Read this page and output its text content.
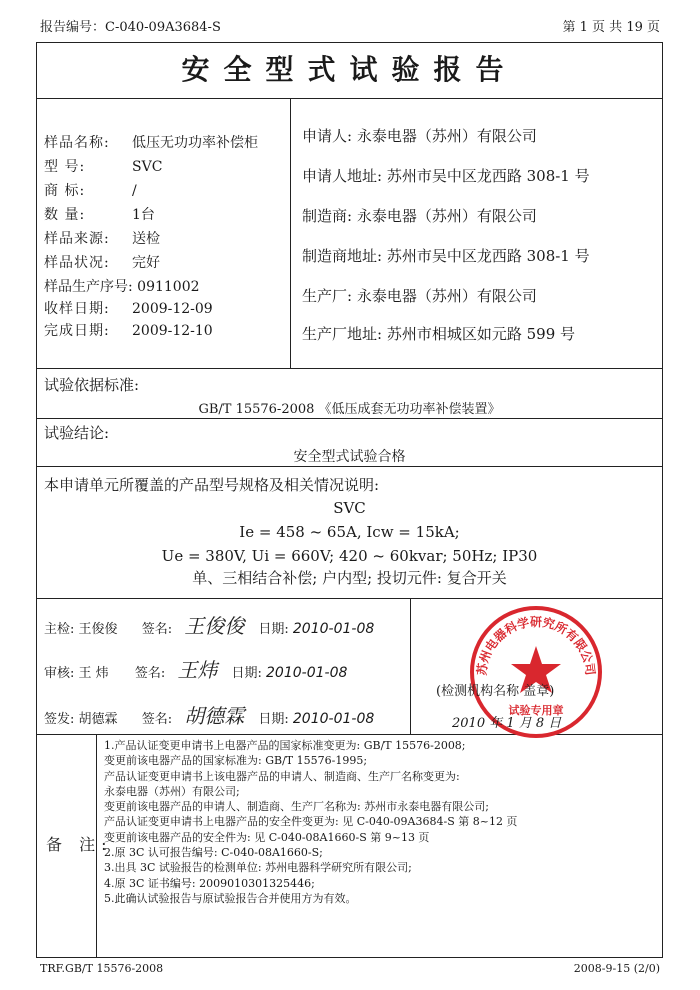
报告编号：C-040-09A3684-S	第 1 页 共 19 页
安全型式试验报告
样品名称: 低压无功功率补偿柜
型 号:	SVC
商 标:	/
数 量:	1台
样品来源: 送检
样品状况: 完好
样品生产序号: 0911002
收样日期: 2009-12-09
完成日期: 2009-12-10
申请人: 永泰电器（苏州）有限公司
申请人地址: 苏州市吴中区龙西路 308-1 号
制造商: 永泰电器（苏州）有限公司
制造商地址: 苏州市吴中区龙西路 308-1 号
生产厂: 永泰电器（苏州）有限公司
生产厂地址: 苏州市相城区如元路 599 号
试验依据标准:
GB/T 15576-2008 《低压成套无功功率补偿装置》
试验结论:
安全型式试验合格
本申请单元所覆盖的产品型号规格及相关情况说明:
SVC
Ie = 458 ~ 65A, Icw = 15kA;
Ue = 380V, Ui = 660V; 420 ~ 60kvar; 50Hz; IP30
单、三相结合补偿; 户内型; 投切元件: 复合开关
主检: 王俊俊 签名: 王俊俊 日期: 2010-01-08
审核: 王 炜 签名: 王炜 日期: 2010-01-08
签发: 胡德霖 签名: 胡德霖 日期: 2010-01-08
苏州电器科学研究所有限公司
试验专用章
(检测机构名称 盖章)
2010 年 1 月 8 日
备 注:
1.产品认证变更申请书上电器产品的国家标准变更为: GB/T 15576-2008;
变更前该电器产品的国家标准为: GB/T 15576-1995;
产品认证变更申请书上该电器产品的申请人、制造商、生产厂名称变更为:
永泰电器（苏州）有限公司;
变更前该电器产品的申请人、制造商、生产厂名称为: 苏州市永泰电器有限公司;
产品认证变更申请书上电器产品的安全件变更为: 见 C-040-09A3684-S 第 8~12 页
变更前该电器产品的安全件为: 见 C-040-08A1660-S 第 9~13 页
2.原 3C 认可报告编号: C-040-08A1660-S;
3.出具 3C 试验报告的检测单位: 苏州电器科学研究所有限公司;
4.原 3C 证书编号: 2009010301325446;
5.此确认试验报告与原试验报告合并使用方为有效。
TRF.GB/T 15576-2008	2008-9-15 (2/0)
